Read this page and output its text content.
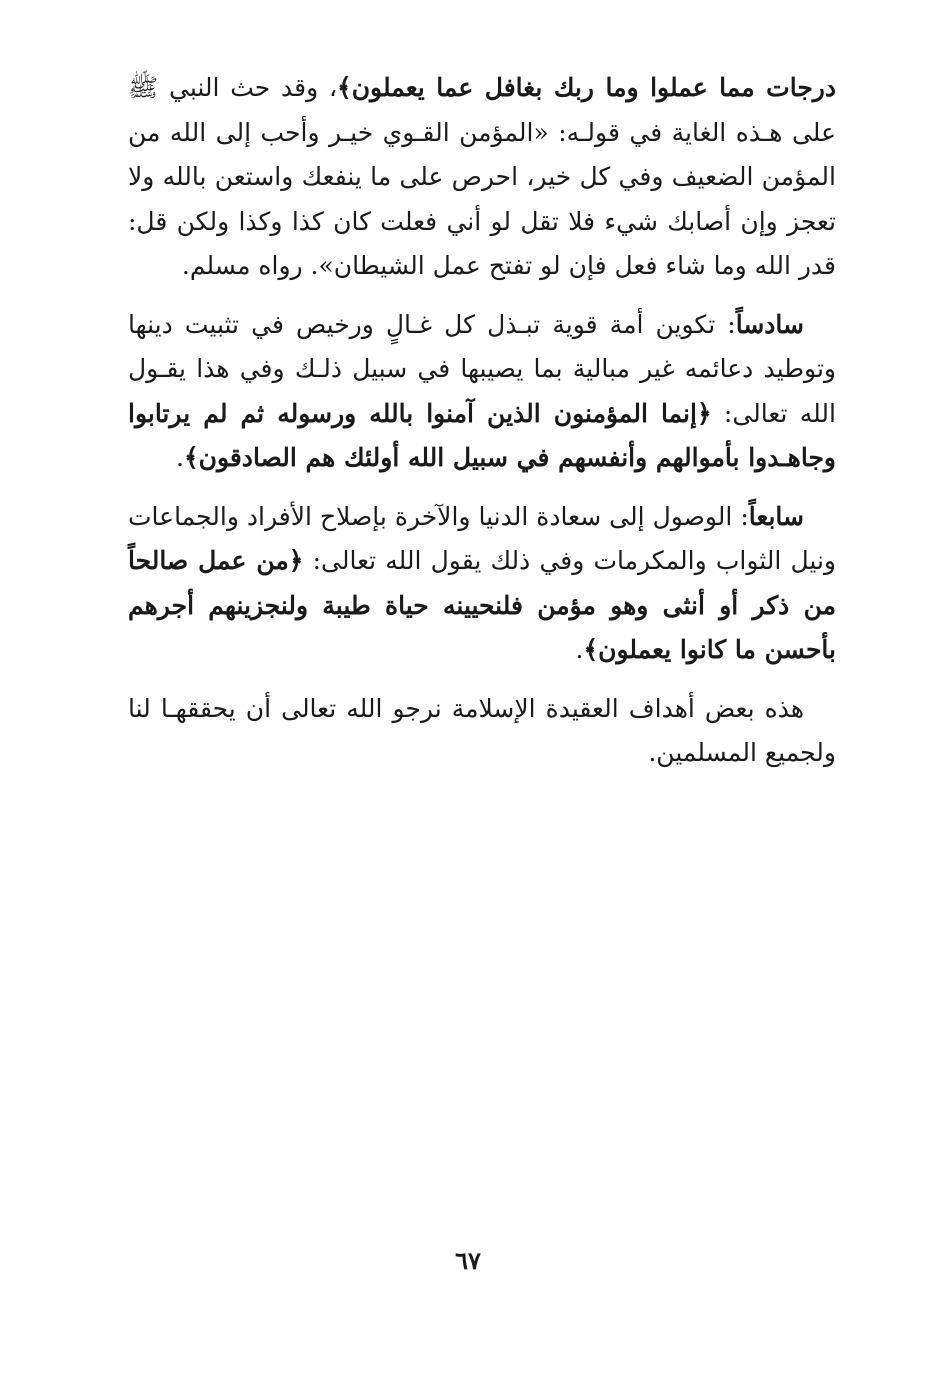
درجات مما عملوا وما ربك بغافل عما يعملون﴾، وقد حث النبي ﷺ على هـذه الغاية في قولـه: «المؤمن القـوي خيـر وأحب إلى الله من المؤمن الضعيف وفي كل خير، احرص على ما ينفعك واستعن بالله ولا تعجز وإن أصابك شيء فلا تقل لو أني فعلت كان كذا وكذا ولكن قل: قدر الله وما شاء فعل فإن لو تفتح عمل الشيطان». رواه مسلم.

سادساً: تكوين أمة قوية تبـذل كل غـالٍ ورخيص في تثبيت دينها وتوطيد دعائمه غير مبالية بما يصيبها في سبيل ذلـك وفي هذا يقـول الله تعالى: ﴿إنما المؤمنون الذين آمنوا بالله ورسوله ثم لم يرتابوا وجاهـدوا بأموالهم وأنفسهم في سبيل الله أولئك هم الصادقون﴾.

سابعاً: الوصول إلى سعادة الدنيا والآخرة بإصلاح الأفراد والجماعات ونيل الثواب والمكرمات وفي ذلك يقول الله تعالى: ﴿من عمل صالحاً من ذكر أو أنثى وهو مؤمن فلنحيينه حياة طيبة ولنجزينهم أجرهم بأحسن ما كانوا يعملون﴾.

هذه بعض أهداف العقيدة الإسلامة نرجو الله تعالى أن يحققهـا لنا ولجميع المسلمين.

٦٧
